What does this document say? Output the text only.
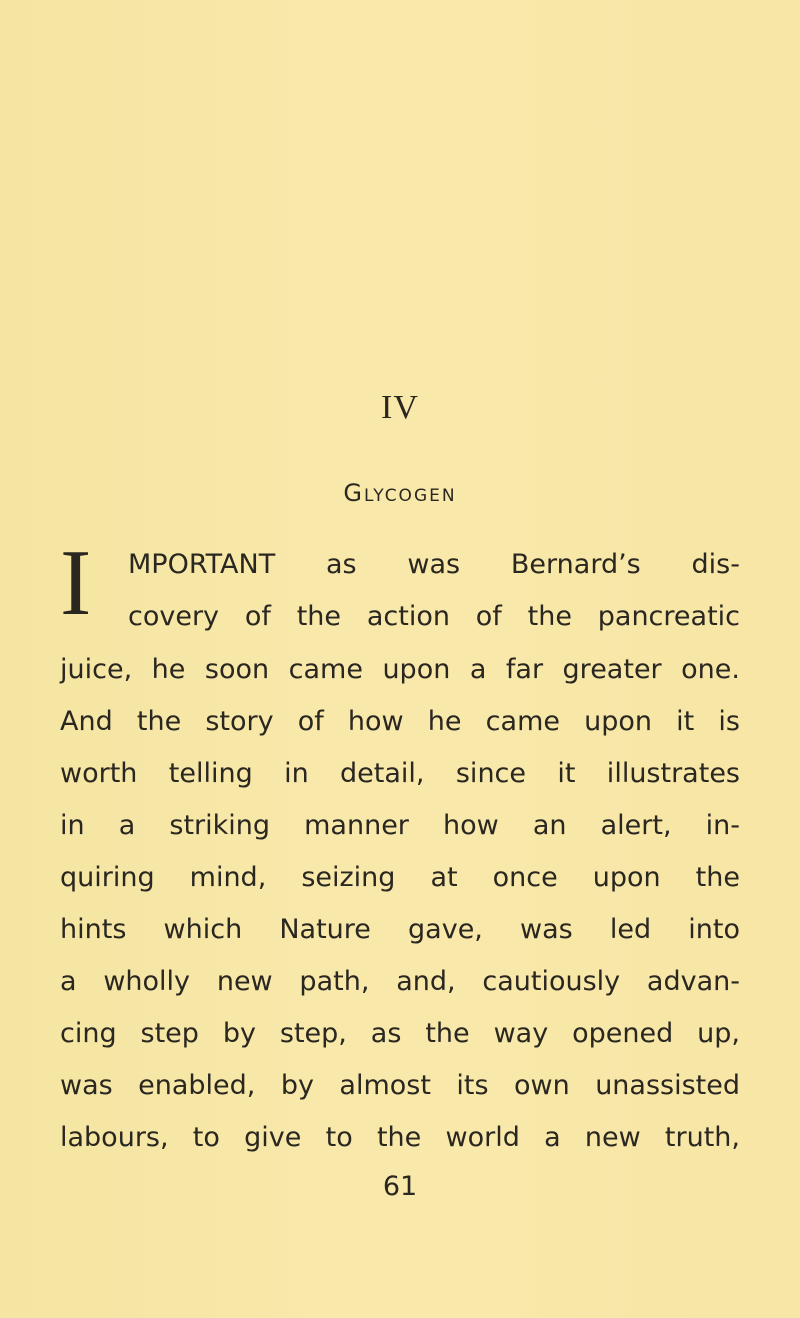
IV
Glycogen
I MPORTANT as was Bernard’s dis-
covery of the action of the pancreatic
juice, he soon came upon a far greater one.
And the story of how he came upon it is
worth telling in detail, since it illustrates
in a striking manner how an alert, in-
quiring mind, seizing at once upon the
hints which Nature gave, was led into
a wholly new path, and, cautiously advan-
cing step by step, as the way opened up,
was enabled, by almost its own unassisted
labours, to give to the world a new truth,
61
